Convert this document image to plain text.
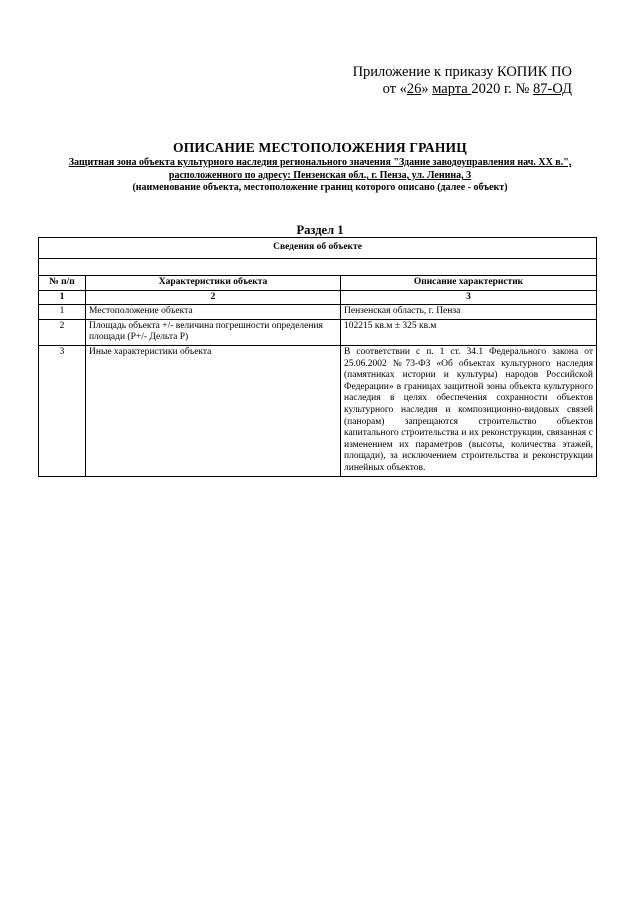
Приложение к приказу КОПИК ПО
от «26» марта 2020 г. № 87-ОД
ОПИСАНИЕ МЕСТОПОЛОЖЕНИЯ ГРАНИЦ
Защитная зона объекта культурного наследия регионального значения "Здание заводоуправления нач. XX в.",
расположенного по адресу: Пензенская обл., г. Пенза, ул. Ленина, 3
(наименование объекта, местоположение границ которого описано (далее - объект)
Раздел 1
Сведения об объекте		

№ п/п	Характеристики объекта	Описание характеристик
1	2	3
1	Местоположение объекта	Пензенская область, г. Пенза
2	Площадь объекта +/- величина погрешности определения площади (Р+/- Дельта Р)	102215 кв.м ± 325 кв.м
3	Иные характеристики объекта	В соответствии с п. 1 ст. 34.1 Федерального закона от 25.06.2002 №73-ФЗ «Об объектах культурного наследия (памятниках истории и культуры) народов Российской Федерации» в границах защитной зоны объекта культурного наследия в целях обеспечения сохранности объектов культурного наследия и композиционно-видовых связей (панорам) запрещаются строительство объектов капитального строительства и их реконструкция, связанная с изменением их параметров (высоты, количества этажей, площади), за исключением строительства и реконструкции линейных объектов.
